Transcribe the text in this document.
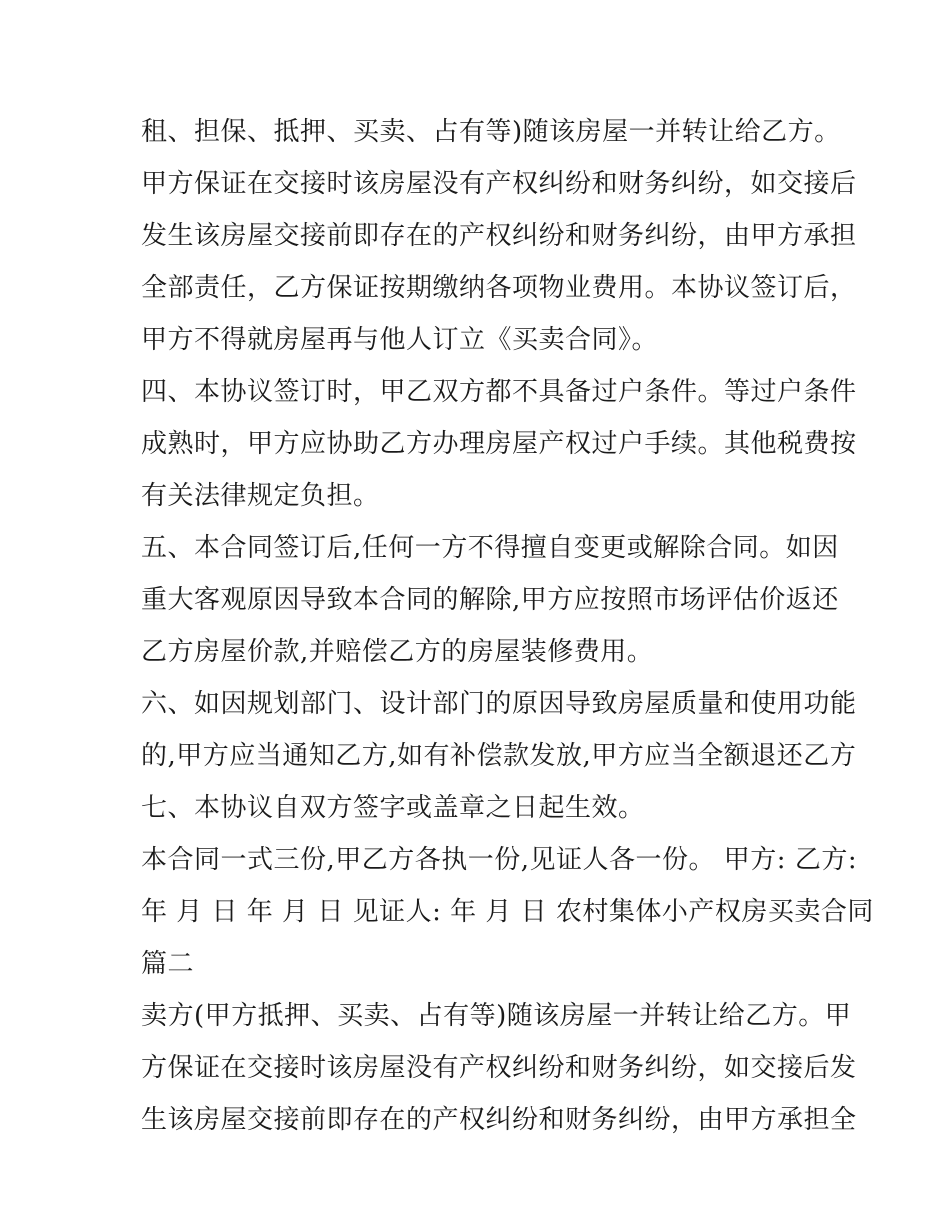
租、担保、抵押、买卖、占有等)随该房屋一并转让给乙方。
甲方保证在交接时该房屋没有产权纠纷和财务纠纷，如交接后
发生该房屋交接前即存在的产权纠纷和财务纠纷，由甲方承担
全部责任，乙方保证按期缴纳各项物业费用。本协议签订后，
甲方不得就房屋再与他人订立《买卖合同》。
四、本协议签订时，甲乙双方都不具备过户条件。等过户条件
成熟时，甲方应协助乙方办理房屋产权过户手续。其他税费按
有关法律规定负担。
五、本合同签订后,任何一方不得擅自变更或解除合同。如因
重大客观原因导致本合同的解除,甲方应按照市场评估价返还
乙方房屋价款,并赔偿乙方的房屋装修费用。
六、如因规划部门、设计部门的原因导致房屋质量和使用功能
的,甲方应当通知乙方,如有补偿款发放,甲方应当全额退还乙方
七、本协议自双方签字或盖章之日起生效。
本合同一式三份,甲乙方各执一份,见证人各一份。 甲方: 乙方:
年 月 日 年 月 日 见证人: 年 月 日 农村集体小产权房买卖合同
篇二
卖方(甲方抵押、买卖、占有等)随该房屋一并转让给乙方。甲
方保证在交接时该房屋没有产权纠纷和财务纠纷，如交接后发
生该房屋交接前即存在的产权纠纷和财务纠纷，由甲方承担全
